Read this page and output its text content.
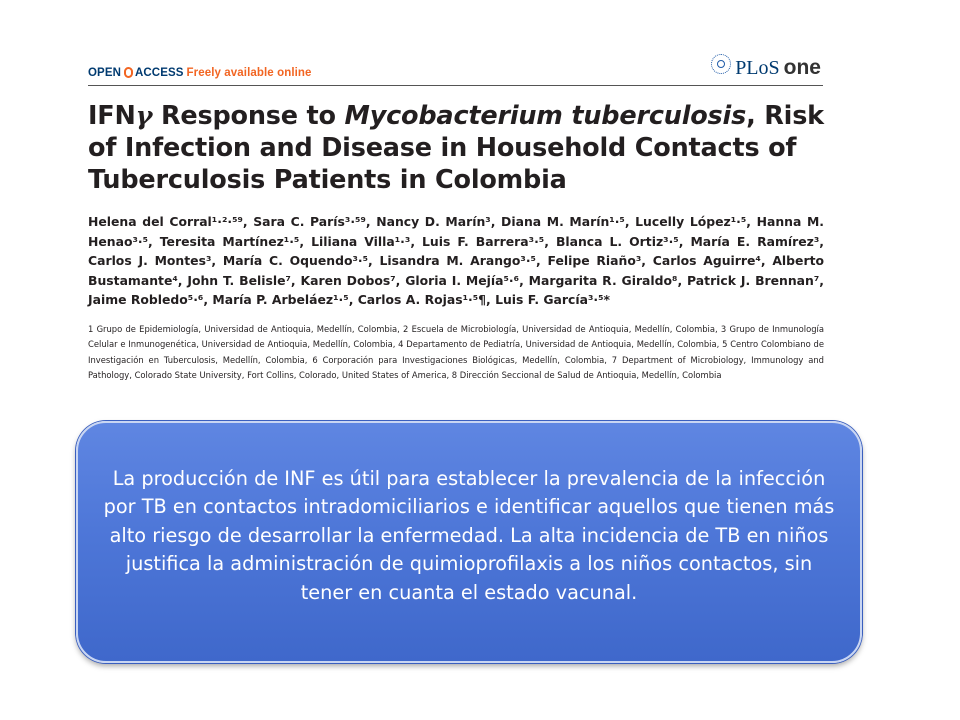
OPEN ACCESS Freely available online	PLoS one
IFNγ Response to Mycobacterium tuberculosis, Risk of Infection and Disease in Household Contacts of Tuberculosis Patients in Colombia
Helena del Corral¹·²·⁵⁹, Sara C. París³·⁵⁹, Nancy D. Marín³, Diana M. Marín¹·⁵, Lucelly López¹·⁵, Hanna M. Henao³·⁵, Teresita Martínez¹·⁵, Liliana Villa¹·³, Luis F. Barrera³·⁵, Blanca L. Ortiz³·⁵, María E. Ramírez³, Carlos J. Montes³, María C. Oquendo³·⁵, Lisandra M. Arango³·⁵, Felipe Riaño³, Carlos Aguirre⁴, Alberto Bustamante⁴, John T. Belisle⁷, Karen Dobos⁷, Gloria I. Mejía⁵·⁶, Margarita R. Giraldo⁸, Patrick J. Brennan⁷, Jaime Robledo⁵·⁶, María P. Arbeláez¹·⁵, Carlos A. Rojas¹·⁵¶, Luis F. García³·⁵*
1 Grupo de Epidemiología, Universidad de Antioquia, Medellín, Colombia, 2 Escuela de Microbiología, Universidad de Antioquia, Medellín, Colombia, 3 Grupo de Inmunología Celular e Inmunogenética, Universidad de Antioquia, Medellín, Colombia, 4 Departamento de Pediatría, Universidad de Antioquia, Medellín, Colombia, 5 Centro Colombiano de Investigación en Tuberculosis, Medellín, Colombia, 6 Corporación para Investigaciones Biológicas, Medellín, Colombia, 7 Department of Microbiology, Immunology and Pathology, Colorado State University, Fort Collins, Colorado, United States of America, 8 Dirección Seccional de Salud de Antioquia, Medellín, Colombia

La producción de INF es útil para establecer la prevalencia de la infección por TB en contactos intradomiciliarios e identificar aquellos que tienen más alto riesgo de desarrollar la enfermedad. La alta incidencia de TB en niños justifica la administración de quimioprofilaxis a los niños contactos, sin tener en cuanta el estado vacunal.
